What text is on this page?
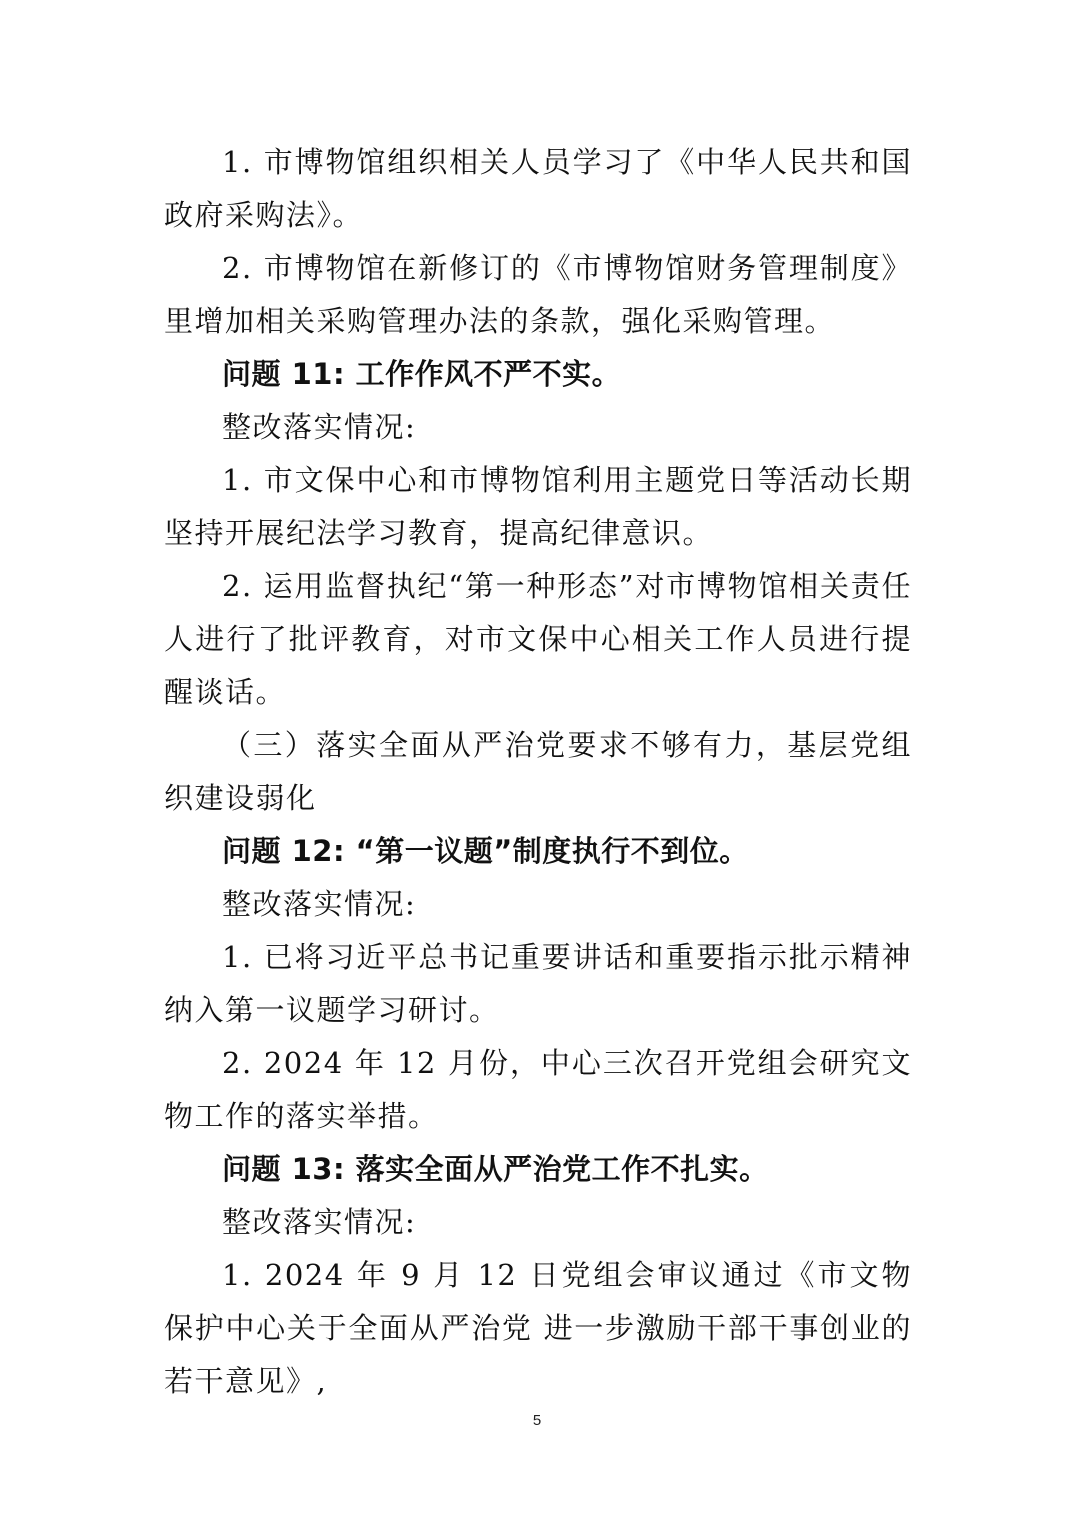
1. 市博物馆组织相关人员学习了《中华人民共和国政府采购法》。

2. 市博物馆在新修订的《市博物馆财务管理制度》里增加相关采购管理办法的条款，强化采购管理。

问题 11: 工作作风不严不实。

整改落实情况:

1. 市文保中心和市博物馆利用主题党日等活动长期坚持开展纪法学习教育，提高纪律意识。

2. 运用监督执纪“第一种形态”对市博物馆相关责任人进行了批评教育，对市文保中心相关工作人员进行提醒谈话。

（三）落实全面从严治党要求不够有力，基层党组织建设弱化

问题 12: “第一议题”制度执行不到位。

整改落实情况:

1. 已将习近平总书记重要讲话和重要指示批示精神纳入第一议题学习研讨。

2. 2024 年 12 月份，中心三次召开党组会研究文物工作的落实举措。

问题 13: 落实全面从严治党工作不扎实。

整改落实情况:

1. 2024 年 9 月 12 日党组会审议通过《市文物保护中心关于全面从严治党 进一步激励干部干事创业的若干意见》,

5
